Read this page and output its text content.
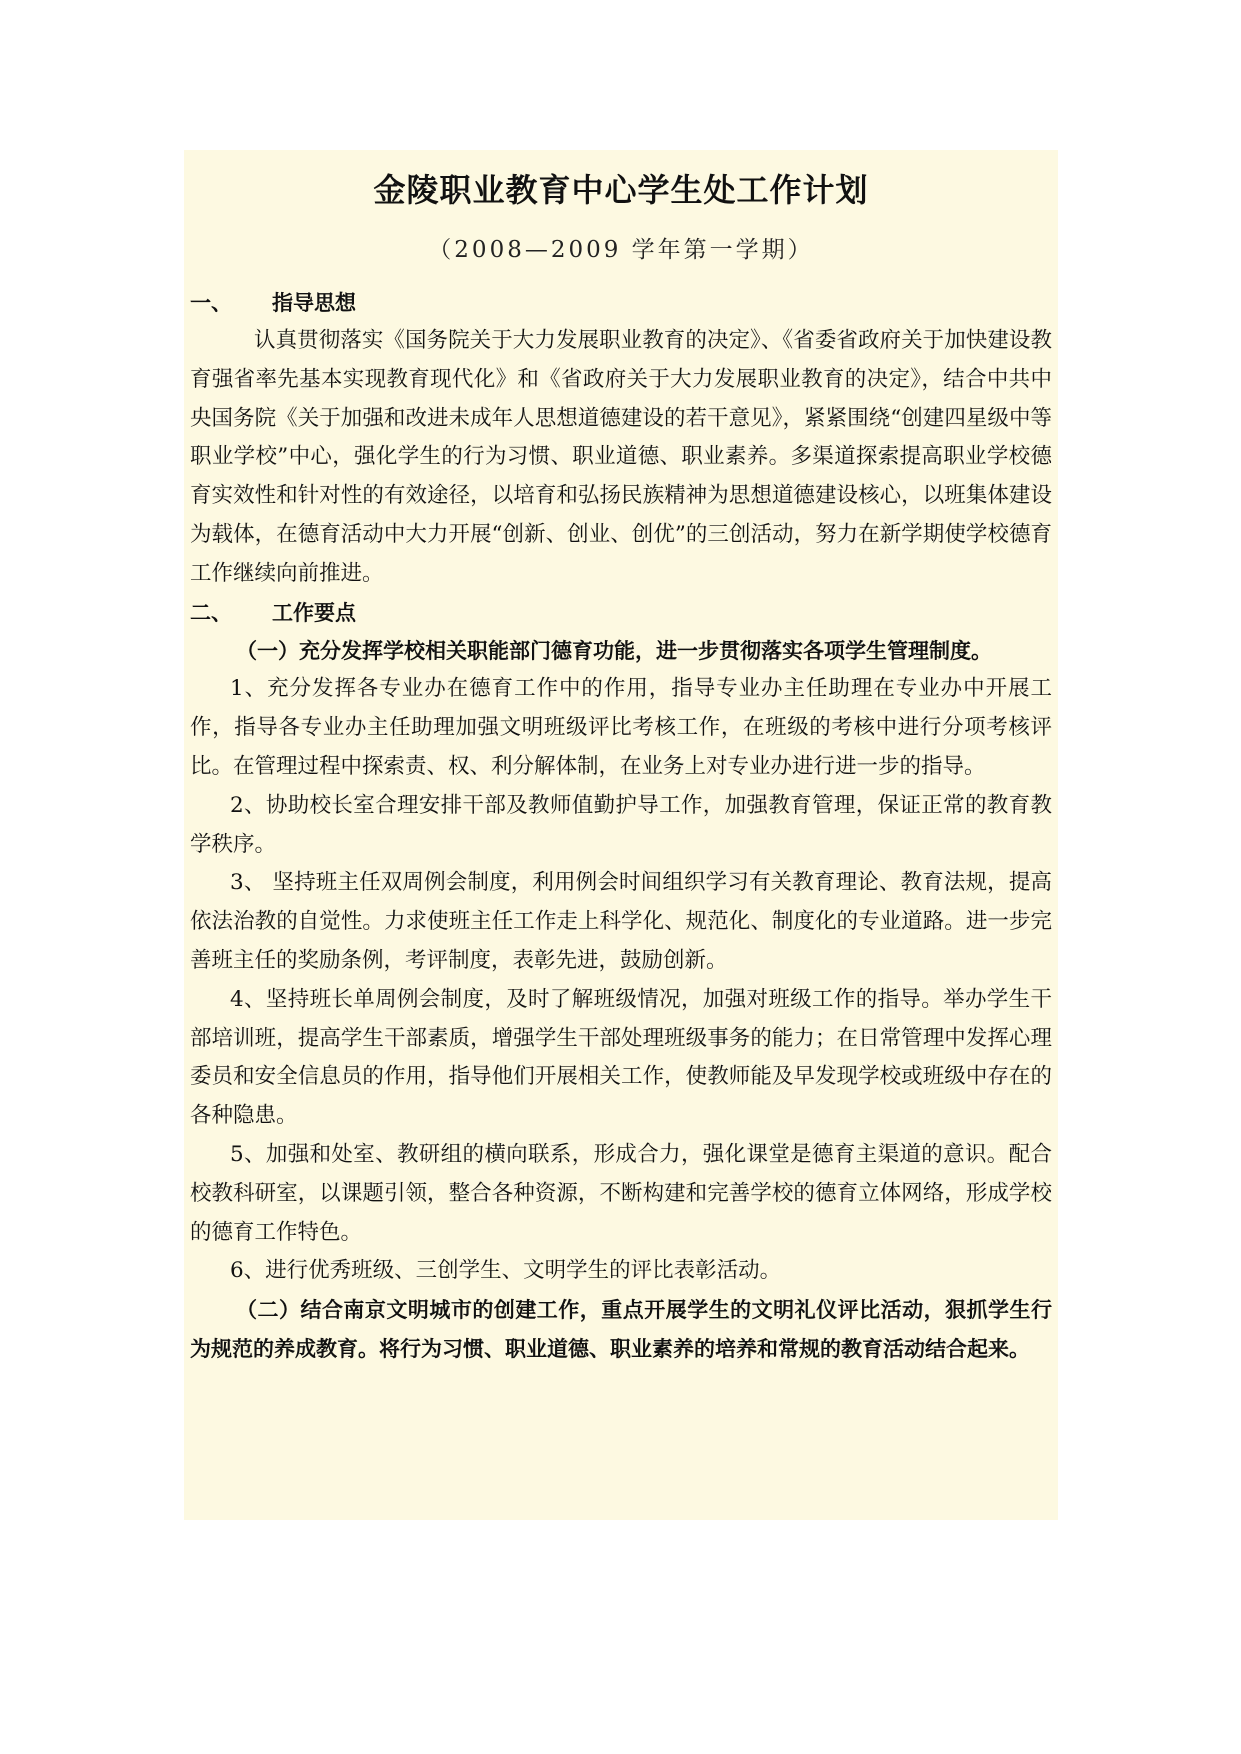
金陵职业教育中心学生处工作计划
（2008—2009 学年第一学期）
一、 指导思想

认真贯彻落实《国务院关于大力发展职业教育的决定》、《省委省政府关于加快建设教育强省率先基本实现教育现代化》和《省政府关于大力发展职业教育的决定》，结合中共中央国务院《关于加强和改进未成年人思想道德建设的若干意见》，紧紧围绕“创建四星级中等职业学校”中心，强化学生的行为习惯、职业道德、职业素养。多渠道探索提高职业学校德育实效性和针对性的有效途径，以培育和弘扬民族精神为思想道德建设核心，以班集体建设为载体，在德育活动中大力开展“创新、创业、创优”的三创活动，努力在新学期使学校德育工作继续向前推进。

二、 工作要点

（一）充分发挥学校相关职能部门德育功能，进一步贯彻落实各项学生管理制度。

1、充分发挥各专业办在德育工作中的作用，指导专业办主任助理在专业办中开展工作，指导各专业办主任助理加强文明班级评比考核工作，在班级的考核中进行分项考核评比。在管理过程中探索责、权、利分解体制，在业务上对专业办进行进一步的指导。

2、协助校长室合理安排干部及教师值勤护导工作，加强教育管理，保证正常的教育教学秩序。

3、 坚持班主任双周例会制度，利用例会时间组织学习有关教育理论、教育法规，提高依法治教的自觉性。力求使班主任工作走上科学化、规范化、制度化的专业道路。进一步完善班主任的奖励条例，考评制度，表彰先进，鼓励创新。

4、坚持班长单周例会制度，及时了解班级情况，加强对班级工作的指导。举办学生干部培训班，提高学生干部素质，增强学生干部处理班级事务的能力；在日常管理中发挥心理委员和安全信息员的作用，指导他们开展相关工作，使教师能及早发现学校或班级中存在的各种隐患。

5、加强和处室、教研组的横向联系，形成合力，强化课堂是德育主渠道的意识。配合校教科研室，以课题引领，整合各种资源，不断构建和完善学校的德育立体网络，形成学校的德育工作特色。

6、进行优秀班级、三创学生、文明学生的评比表彰活动。

（二）结合南京文明城市的创建工作，重点开展学生的文明礼仪评比活动，狠抓学生行为规范的养成教育。将行为习惯、职业道德、职业素养的培养和常规的教育活动结合起来。
